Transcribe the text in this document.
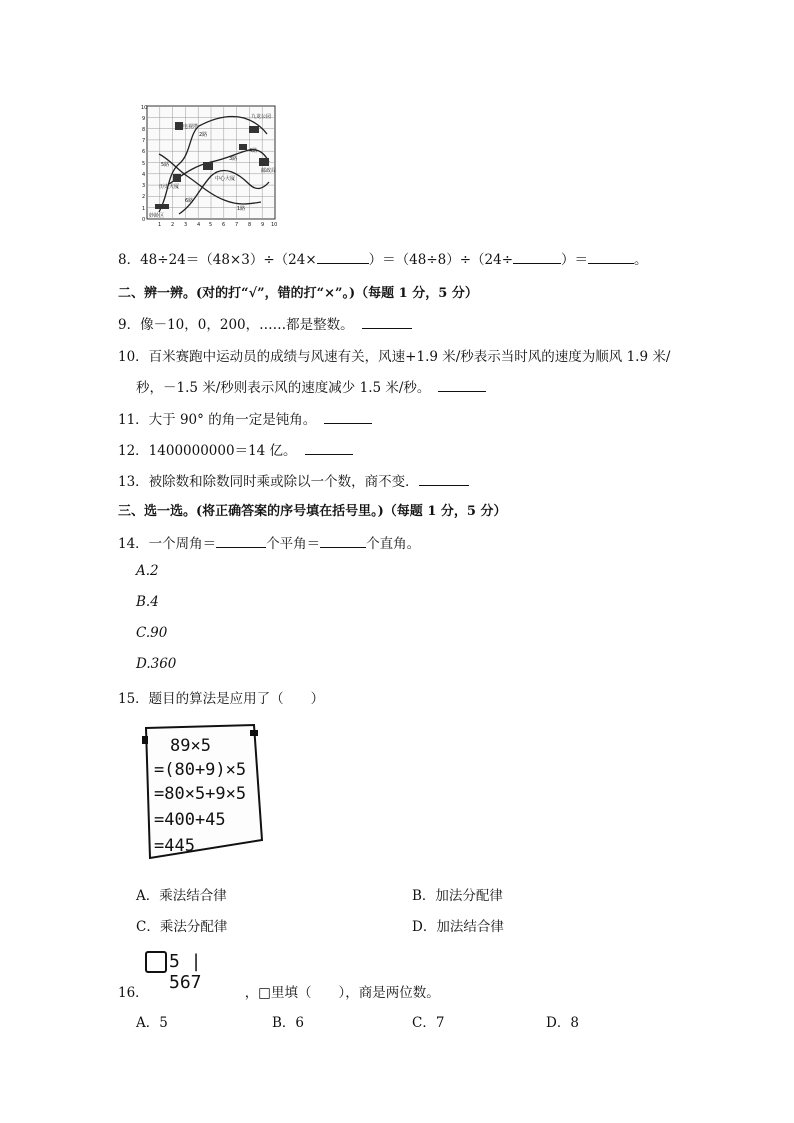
九龙公园
电视塔
2路
3路
1路
4路
5路
6路
邮政局
妙龄区
中心大厦
历史大厦
10
9
8
7
6
5
4
3
2
1
0
1 2 3 4 5 6 7 8 9 10
8．48÷24＝（48×3）÷（24×	）＝（48÷8）÷（24÷	）＝	。
二、辨一辨。(对的打“√”，错的打“×”。)（每题 1 分，5 分）
9．像－10，0，200，……都是整数。
10．百米赛跑中运动员的成绩与风速有关，风速+1.9 米/秒表示当时风的速度为顺风 1.9 米/
秒，－1.5 米/秒则表示风的速度减少 1.5 米/秒。
11．大于 90° 的角一定是钝角。
12．1400000000＝14 亿。
13．被除数和除数同时乘或除以一个数，商不变．
三、选一选。(将正确答案的序号填在括号里。)（每题 1 分，5 分）
14．一个周角＝	个平角＝	个直角。
A.2
B.4
C.90
D.360
15．题目的算法是应用了（　　）
89×5
=(80+9)×5
=80×5+9×5
=400+45
=445
A．乘法结合律	B．加法分配律
C．乘法分配律	D．加法结合律
5 | 567
16．	，□里填（　　），商是两位数。
A．5	B．6	C．7	D．8
